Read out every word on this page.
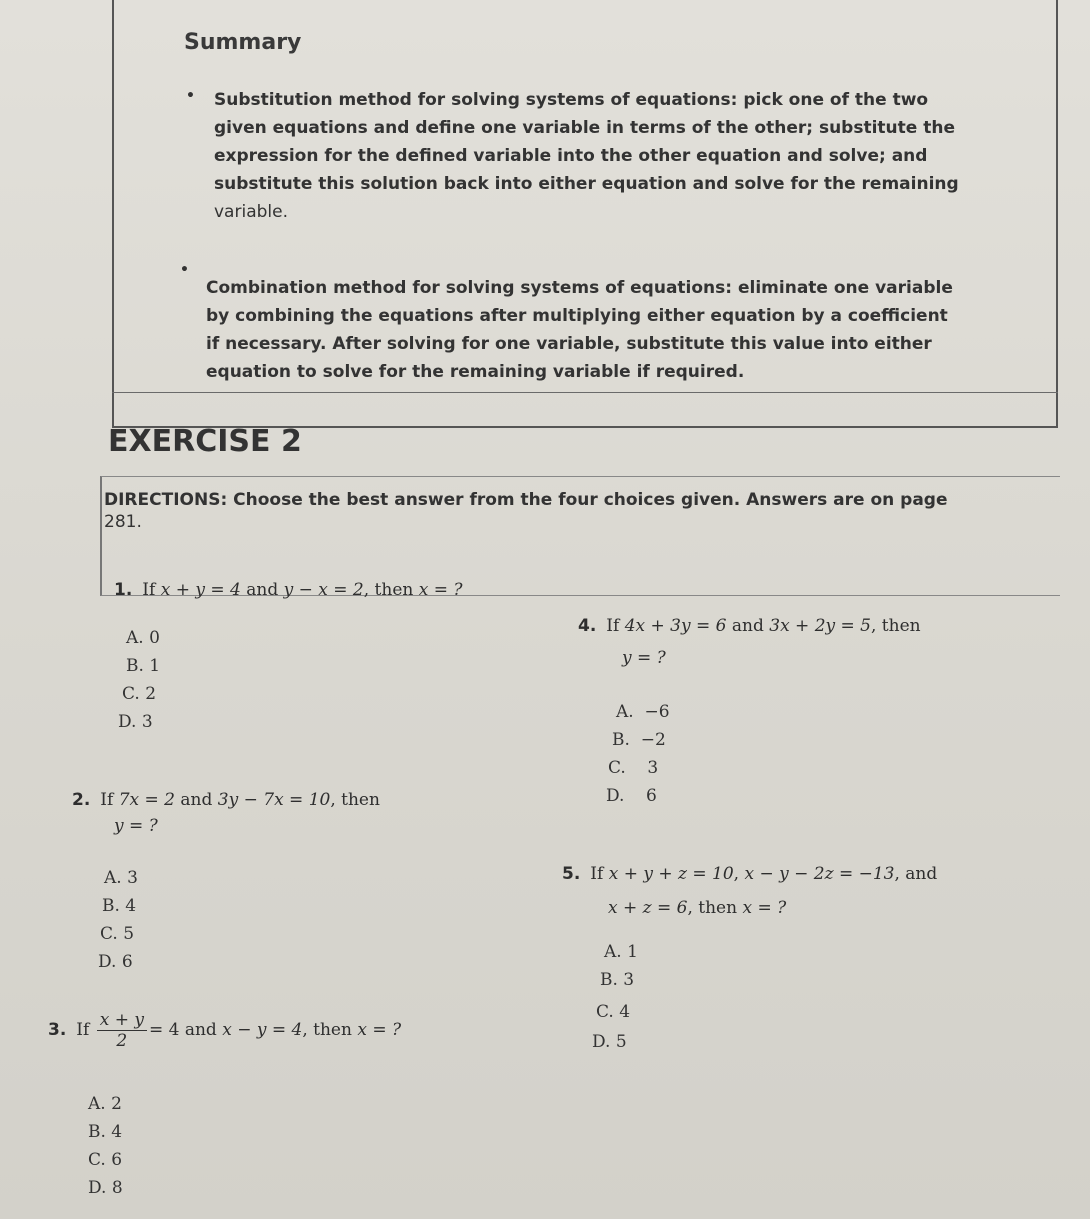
Summary
• Substitution method for solving systems of equations: pick one of the two
given equations and define one variable in terms of the other; substitute the
expression for the defined variable into the other equation and solve; and
substitute this solution back into either equation and solve for the remaining
variable.
•
Combination method for solving systems of equations: eliminate one variable
by combining the equations after multiplying either equation by a coefficient
if necessary. After solving for one variable, substitute this value into either
equation to solve for the remaining variable if required.
EXERCISE 2
DIRECTIONS: Choose the best answer from the four choices given. Answers are on page
281.
1. If x + y = 4 and y − x = 2, then x = ?
A. 0
B. 1
C. 2
D. 3
2. If 7x = 2 and 3y − 7x = 10, then
y = ?
A. 3
B. 4
C. 5
D. 6
3. If $\frac{x + y}{2} = 4$ and x − y = 4, then x = ?
A. 2
B. 4
C. 6
D. 8
4. If 4x + 3y = 6 and 3x + 2y = 5, then
y = ?
A.  −6
B.  −2
C.    3
D.    6
5. If x + y + z = 10, x − y − 2z = −13, and
x + z = 6, then x = ?
A. 1
B. 3
C. 4
D. 5
